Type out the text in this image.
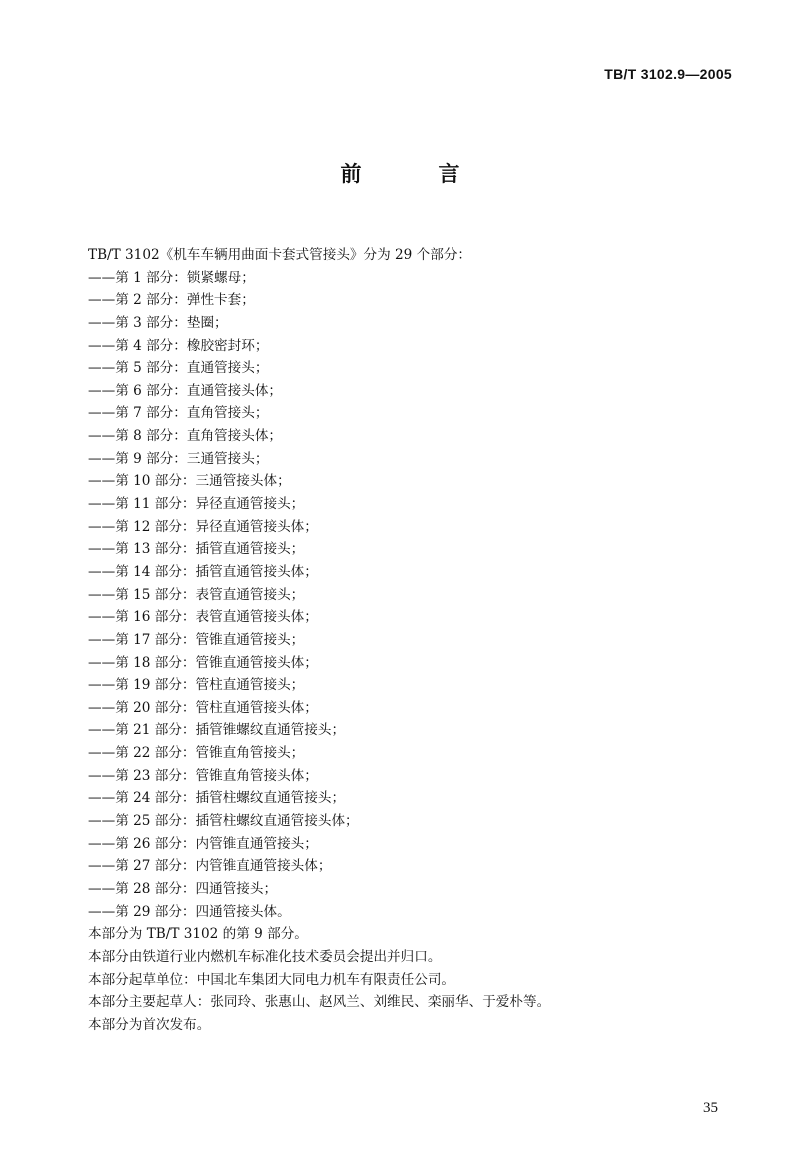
TB/T 3102.9—2005
前　言
TB/T 3102《机车车辆用曲面卡套式管接头》分为 29 个部分：
——第 1 部分：锁紧螺母；
——第 2 部分：弹性卡套；
——第 3 部分：垫圈；
——第 4 部分：橡胶密封环；
——第 5 部分：直通管接头；
——第 6 部分：直通管接头体；
——第 7 部分：直角管接头；
——第 8 部分：直角管接头体；
——第 9 部分：三通管接头；
——第 10 部分：三通管接头体；
——第 11 部分：异径直通管接头；
——第 12 部分：异径直通管接头体；
——第 13 部分：插管直通管接头；
——第 14 部分：插管直通管接头体；
——第 15 部分：表管直通管接头；
——第 16 部分：表管直通管接头体；
——第 17 部分：管锥直通管接头；
——第 18 部分：管锥直通管接头体；
——第 19 部分：管柱直通管接头；
——第 20 部分：管柱直通管接头体；
——第 21 部分：插管锥螺纹直通管接头；
——第 22 部分：管锥直角管接头；
——第 23 部分：管锥直角管接头体；
——第 24 部分：插管柱螺纹直通管接头；
——第 25 部分：插管柱螺纹直通管接头体；
——第 26 部分：内管锥直通管接头；
——第 27 部分：内管锥直通管接头体；
——第 28 部分：四通管接头；
——第 29 部分：四通管接头体。
本部分为 TB/T 3102 的第 9 部分。
本部分由铁道行业内燃机车标准化技术委员会提出并归口。
本部分起草单位：中国北车集团大同电力机车有限责任公司。
本部分主要起草人：张同玲、张惠山、赵风兰、刘维民、栾丽华、于爱朴等。
本部分为首次发布。
35
